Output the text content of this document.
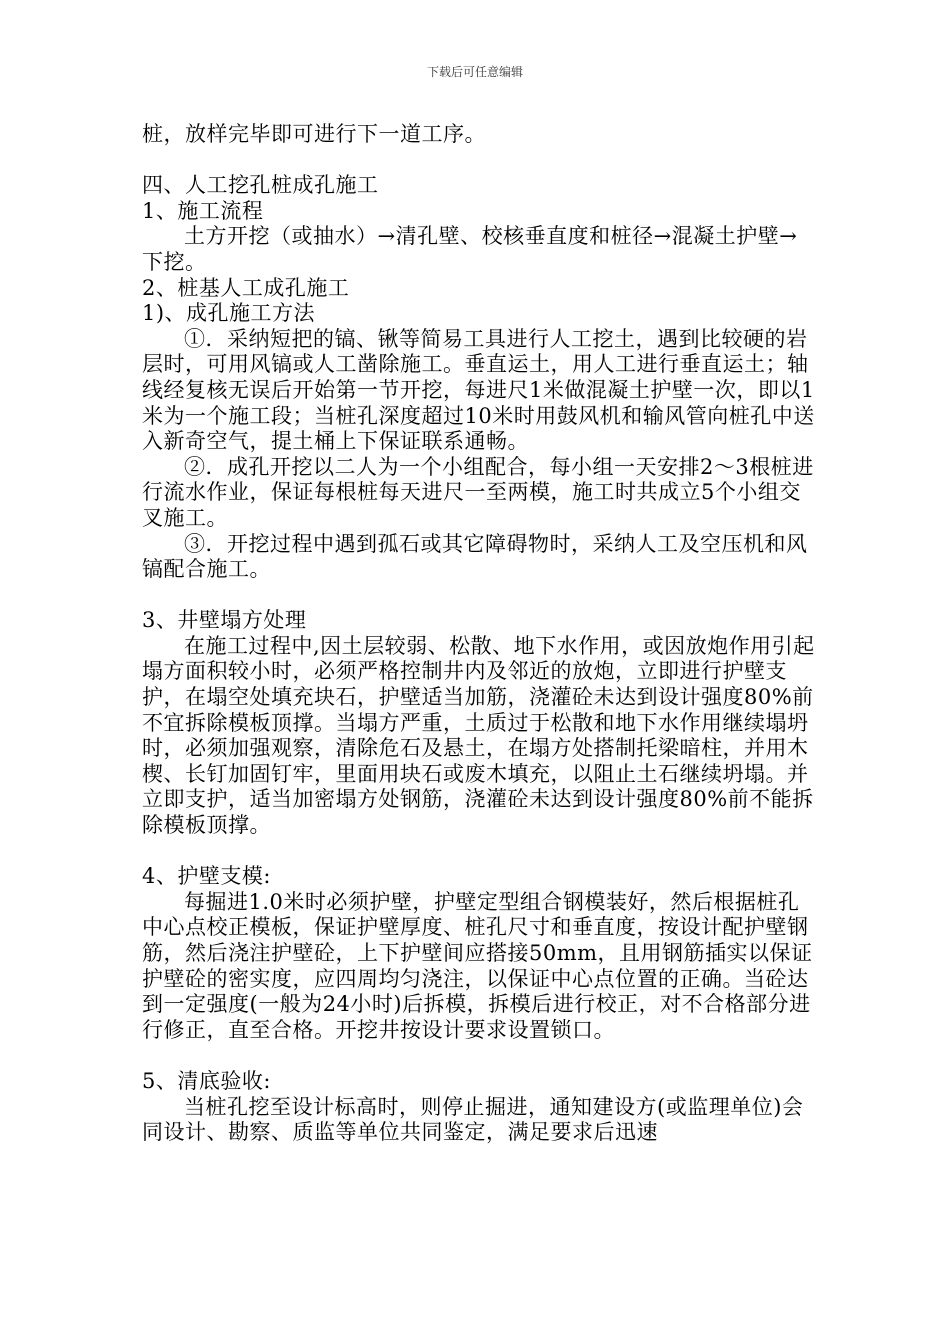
下载后可任意编辑

桩，放样完毕即可进行下一道工序。

四、人工挖孔桩成孔施工

1、施工流程

土方开挖（或抽水）→清孔壁、校核垂直度和桩径→混凝土护壁→下挖。

2、桩基人工成孔施工

1)、成孔施工方法

①．采纳短把的镐、锹等简易工具进行人工挖土，遇到比较硬的岩层时，可用风镐或人工凿除施工。垂直运土，用人工进行垂直运土；轴线经复核无误后开始第一节开挖，每进尺1米做混凝土护壁一次，即以1米为一个施工段；当桩孔深度超过10米时用鼓风机和输风管向桩孔中送入新奇空气，提土桶上下保证联系通畅。

②．成孔开挖以二人为一个小组配合，每小组一天安排2～3根桩进行流水作业，保证每根桩每天进尺一至两模，施工时共成立5个小组交叉施工。

③．开挖过程中遇到孤石或其它障碍物时，采纳人工及空压机和风镐配合施工。

3、井壁塌方处理

在施工过程中,因土层较弱、松散、地下水作用，或因放炮作用引起塌方面积较小时，必须严格控制井内及邻近的放炮，立即进行护壁支护，在塌空处填充块石，护壁适当加筋，浇灌砼未达到设计强度80%前不宜拆除模板顶撑。当塌方严重，土质过于松散和地下水作用继续塌坍时，必须加强观察，清除危石及悬土，在塌方处搭制托梁暗柱，并用木楔、长钉加固钉牢，里面用块石或废木填充，以阻止土石继续坍塌。并立即支护，适当加密塌方处钢筋，浇灌砼未达到设计强度80%前不能拆除模板顶撑。

4、护壁支模:

每掘进1.0米时必须护壁，护壁定型组合钢模装好，然后根据桩孔中心点校正模板，保证护壁厚度、桩孔尺寸和垂直度，按设计配护壁钢筋，然后浇注护壁砼，上下护壁间应搭接50mm，且用钢筋插实以保证护壁砼的密实度，应四周均匀浇注，以保证中心点位置的正确。当砼达到一定强度(一般为24小时)后拆模，拆模后进行校正，对不合格部分进行修正，直至合格。开挖井按设计要求设置锁口。

5、清底验收:

当桩孔挖至设计标高时，则停止掘进，通知建设方(或监理单位)会同设计、勘察、质监等单位共同鉴定，满足要求后迅速
